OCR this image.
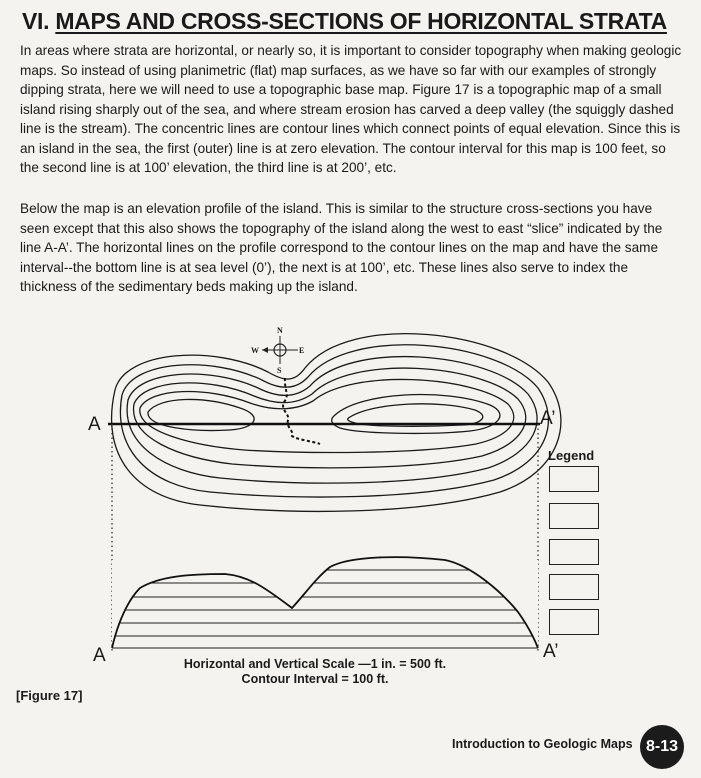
VI. MAPS AND CROSS-SECTIONS OF HORIZONTAL STRATA

In areas where strata are horizontal, or nearly so, it is important to consider topography when making geologic maps. So instead of using planimetric (flat) map surfaces, as we have so far with our examples of strongly dipping strata, here we will need to use a topographic base map. Figure 17 is a topographic map of a small island rising sharply out of the sea, and where stream erosion has carved a deep valley (the squiggly dashed line is the stream). The concentric lines are contour lines which connect points of equal elevation. Since this is an island in the sea, the first (outer) line is at zero elevation. The contour interval for this map is 100 feet, so the second line is at 100’ elevation, the third line is at 200’, etc.

Below the map is an elevation profile of the island. This is similar to the structure cross-sections you have seen except that this also shows the topography of the island along the west to east “slice” indicated by the line A-A’. The horizontal lines on the profile correspond to the contour lines on the map and have the same interval--the bottom line is at sea level (0’), the next is at 100’, etc. These lines also serve to index the thickness of the sedimentary beds making up the island.

N
S
E
W
A	A’
A	A’
Legend
Horizontal and Vertical Scale —1 in. = 500 ft.
Contour Interval = 100 ft.
[Figure 17]
Introduction to Geologic Maps 8-13
